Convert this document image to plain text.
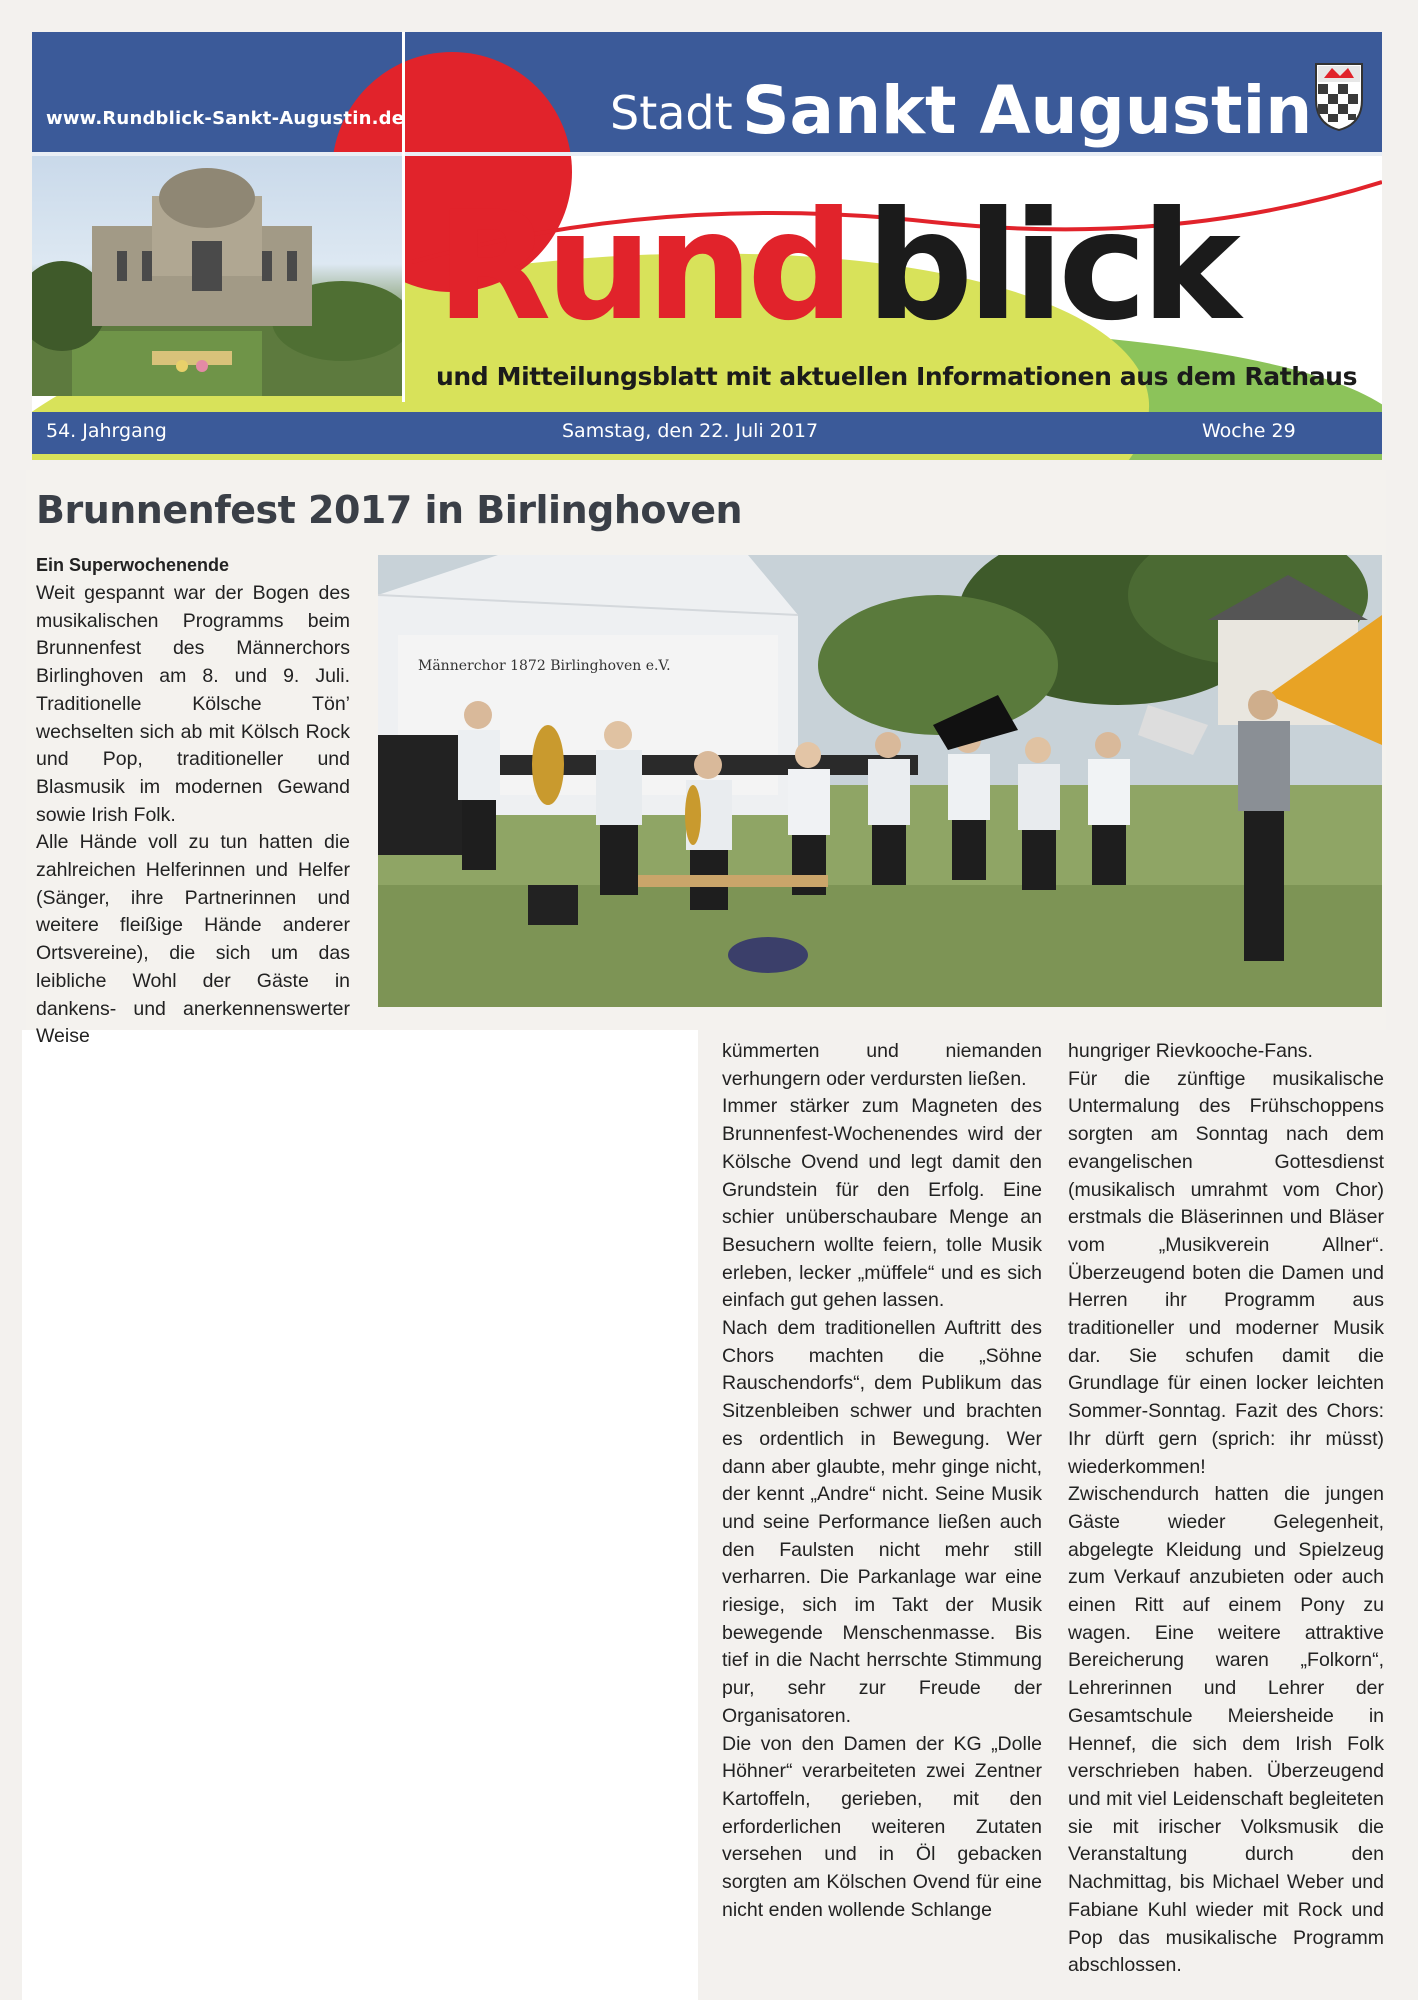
www.Rundblick-Sankt-Augustin.de	Stadt Sankt Augustin
Rund blick
und Mitteilungsblatt mit aktuellen Informationen aus dem Rathaus
54. Jahrgang	Samstag, den 22. Juli 2017	Woche 29
Brunnenfest 2017 in Birlinghoven
Ein Superwochenende

Weit gespannt war der Bogen des musikalischen Programms beim Brunnenfest des Männerchors Birlinghoven am 8. und 9. Juli. Traditionelle Kölsche Tön’ wechselten sich ab mit Kölsch Rock und Pop, traditioneller und Blasmusik im modernen Gewand sowie Irish Folk.

Alle Hände voll zu tun hatten die zahlreichen Helferinnen und Helfer (Sänger, ihre Partnerinnen und weitere fleißige Hände anderer Ortsvereine), die sich um das leibliche Wohl der Gäste in dankens- und anerkennenswerter Weise

Männerchor 1872 Birlinghoven e.V.

kümmerten und niemanden verhungern oder verdursten ließen.

Immer stärker zum Magneten des Brunnenfest-Wochenendes wird der Kölsche Ovend und legt damit den Grundstein für den Erfolg. Eine schier unüberschaubare Menge an Besuchern wollte feiern, tolle Musik erleben, lecker „müffele“ und es sich einfach gut gehen lassen.

Nach dem traditionellen Auftritt des Chors machten die „Söhne Rauschendorfs“, dem Publikum das Sitzenbleiben schwer und brachten es ordentlich in Bewegung. Wer dann aber glaubte, mehr ginge nicht, der kennt „Andre“ nicht. Seine Musik und seine Performance ließen auch den Faulsten nicht mehr still verharren. Die Parkanlage war eine riesige, sich im Takt der Musik bewegende Menschenmasse. Bis tief in die Nacht herrschte Stimmung pur, sehr zur Freude der Organisatoren.

Die von den Damen der KG „Dolle Höhner“ verarbeiteten zwei Zentner Kartoffeln, gerieben, mit den erforderlichen weiteren Zutaten versehen und in Öl gebacken sorgten am Kölschen Ovend für eine nicht enden wollende Schlange

hungriger Rievkooche-Fans.

Für die zünftige musikalische Untermalung des Frühschoppens sorgten am Sonntag nach dem evangelischen Gottesdienst (musikalisch umrahmt vom Chor) erstmals die Bläserinnen und Bläser vom „Musikverein Allner“. Überzeugend boten die Damen und Herren ihr Programm aus traditioneller und moderner Musik dar. Sie schufen damit die Grundlage für einen locker leichten Sommer-Sonntag. Fazit des Chors: Ihr dürft gern (sprich: ihr müsst) wiederkommen!

Zwischendurch hatten die jungen Gäste wieder Gelegenheit, abgelegte Kleidung und Spielzeug zum Verkauf anzubieten oder auch einen Ritt auf einem Pony zu wagen. Eine weitere attraktive Bereicherung waren „Folkorn“, Lehrerinnen und Lehrer der Gesamtschule Meiersheide in Hennef, die sich dem Irish Folk verschrieben haben. Überzeugend und mit viel Leidenschaft begleiteten sie mit irischer Volksmusik die Veranstaltung durch den Nachmittag, bis Michael Weber und Fabiane Kuhl wieder mit Rock und Pop das musikalische Programm abschlossen.
